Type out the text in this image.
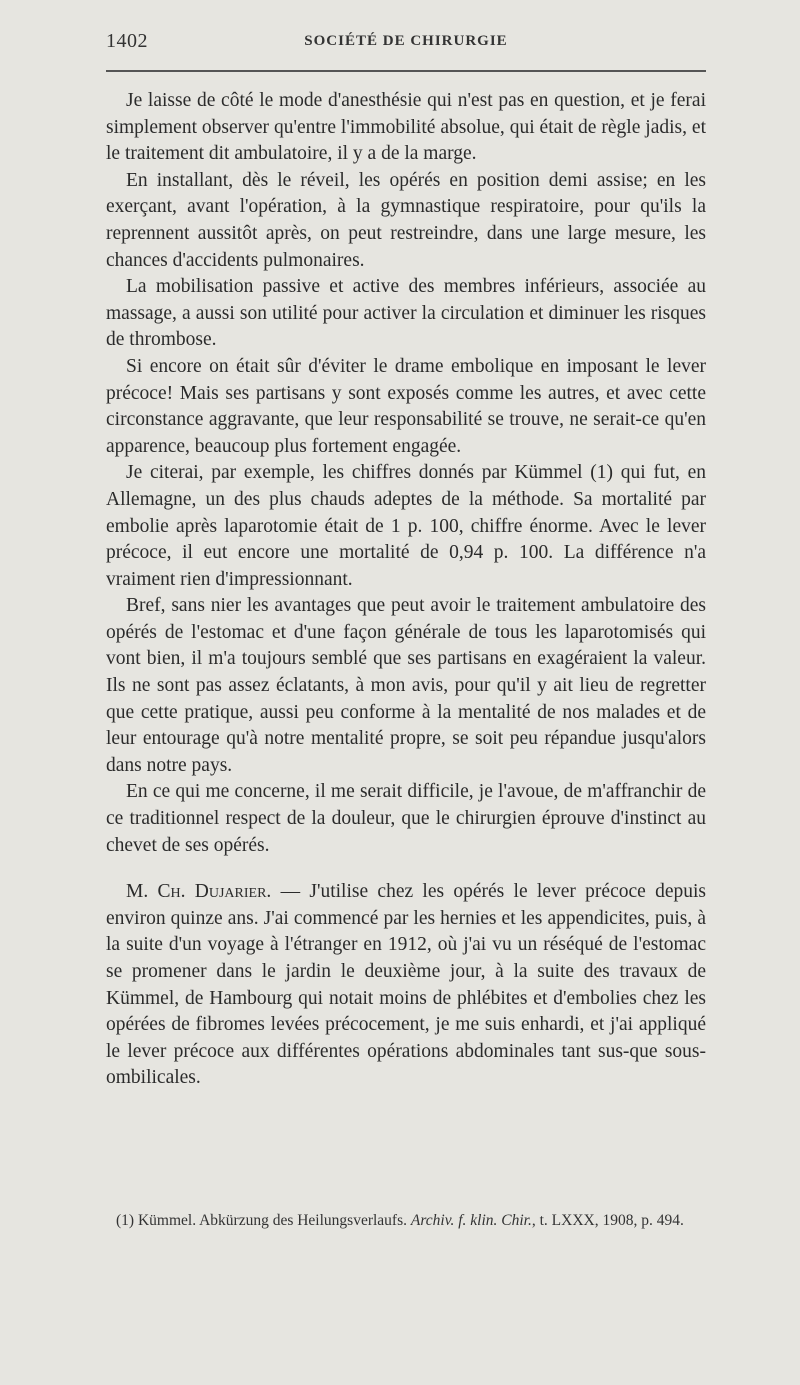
1402	SOCIÉTÉ DE CHIRURGIE

Je laisse de côté le mode d'anesthésie qui n'est pas en question, et je ferai simplement observer qu'entre l'immobilité absolue, qui était de règle jadis, et le traitement dit ambulatoire, il y a de la marge.

En installant, dès le réveil, les opérés en position demi assise; en les exerçant, avant l'opération, à la gymnastique respiratoire, pour qu'ils la reprennent aussitôt après, on peut restreindre, dans une large mesure, les chances d'accidents pulmonaires.

La mobilisation passive et active des membres inférieurs, associée au massage, a aussi son utilité pour activer la circulation et diminuer les risques de thrombose.

Si encore on était sûr d'éviter le drame embolique en imposant le lever précoce! Mais ses partisans y sont exposés comme les autres, et avec cette circonstance aggravante, que leur responsabilité se trouve, ne serait-ce qu'en apparence, beaucoup plus fortement engagée.

Je citerai, par exemple, les chiffres donnés par Kümmel (1) qui fut, en Allemagne, un des plus chauds adeptes de la méthode. Sa mortalité par embolie après laparotomie était de 1 p. 100, chiffre énorme. Avec le lever précoce, il eut encore une mortalité de 0,94 p. 100. La différence n'a vraiment rien d'impressionnant.

Bref, sans nier les avantages que peut avoir le traitement ambulatoire des opérés de l'estomac et d'une façon générale de tous les laparotomisés qui vont bien, il m'a toujours semblé que ses partisans en exagéraient la valeur. Ils ne sont pas assez éclatants, à mon avis, pour qu'il y ait lieu de regretter que cette pratique, aussi peu conforme à la mentalité de nos malades et de leur entourage qu'à notre mentalité propre, se soit peu répandue jusqu'alors dans notre pays.

En ce qui me concerne, il me serait difficile, je l'avoue, de m'affranchir de ce traditionnel respect de la douleur, que le chirurgien éprouve d'instinct au chevet de ses opérés.

M. Ch. Dujarier. — J'utilise chez les opérés le lever précoce depuis environ quinze ans. J'ai commencé par les hernies et les appendicites, puis, à la suite d'un voyage à l'étranger en 1912, où j'ai vu un réséqué de l'estomac se promener dans le jardin le deuxième jour, à la suite des travaux de Kümmel, de Hambourg qui notait moins de phlébites et d'embolies chez les opérées de fibromes levées précocement, je me suis enhardi, et j'ai appliqué le lever précoce aux différentes opérations abdominales tant sus-que sous-ombilicales.

(1) Kümmel. Abkürzung des Heilungsverlaufs. Archiv. f. klin. Chir., t. LXXX, 1908, p. 494.
